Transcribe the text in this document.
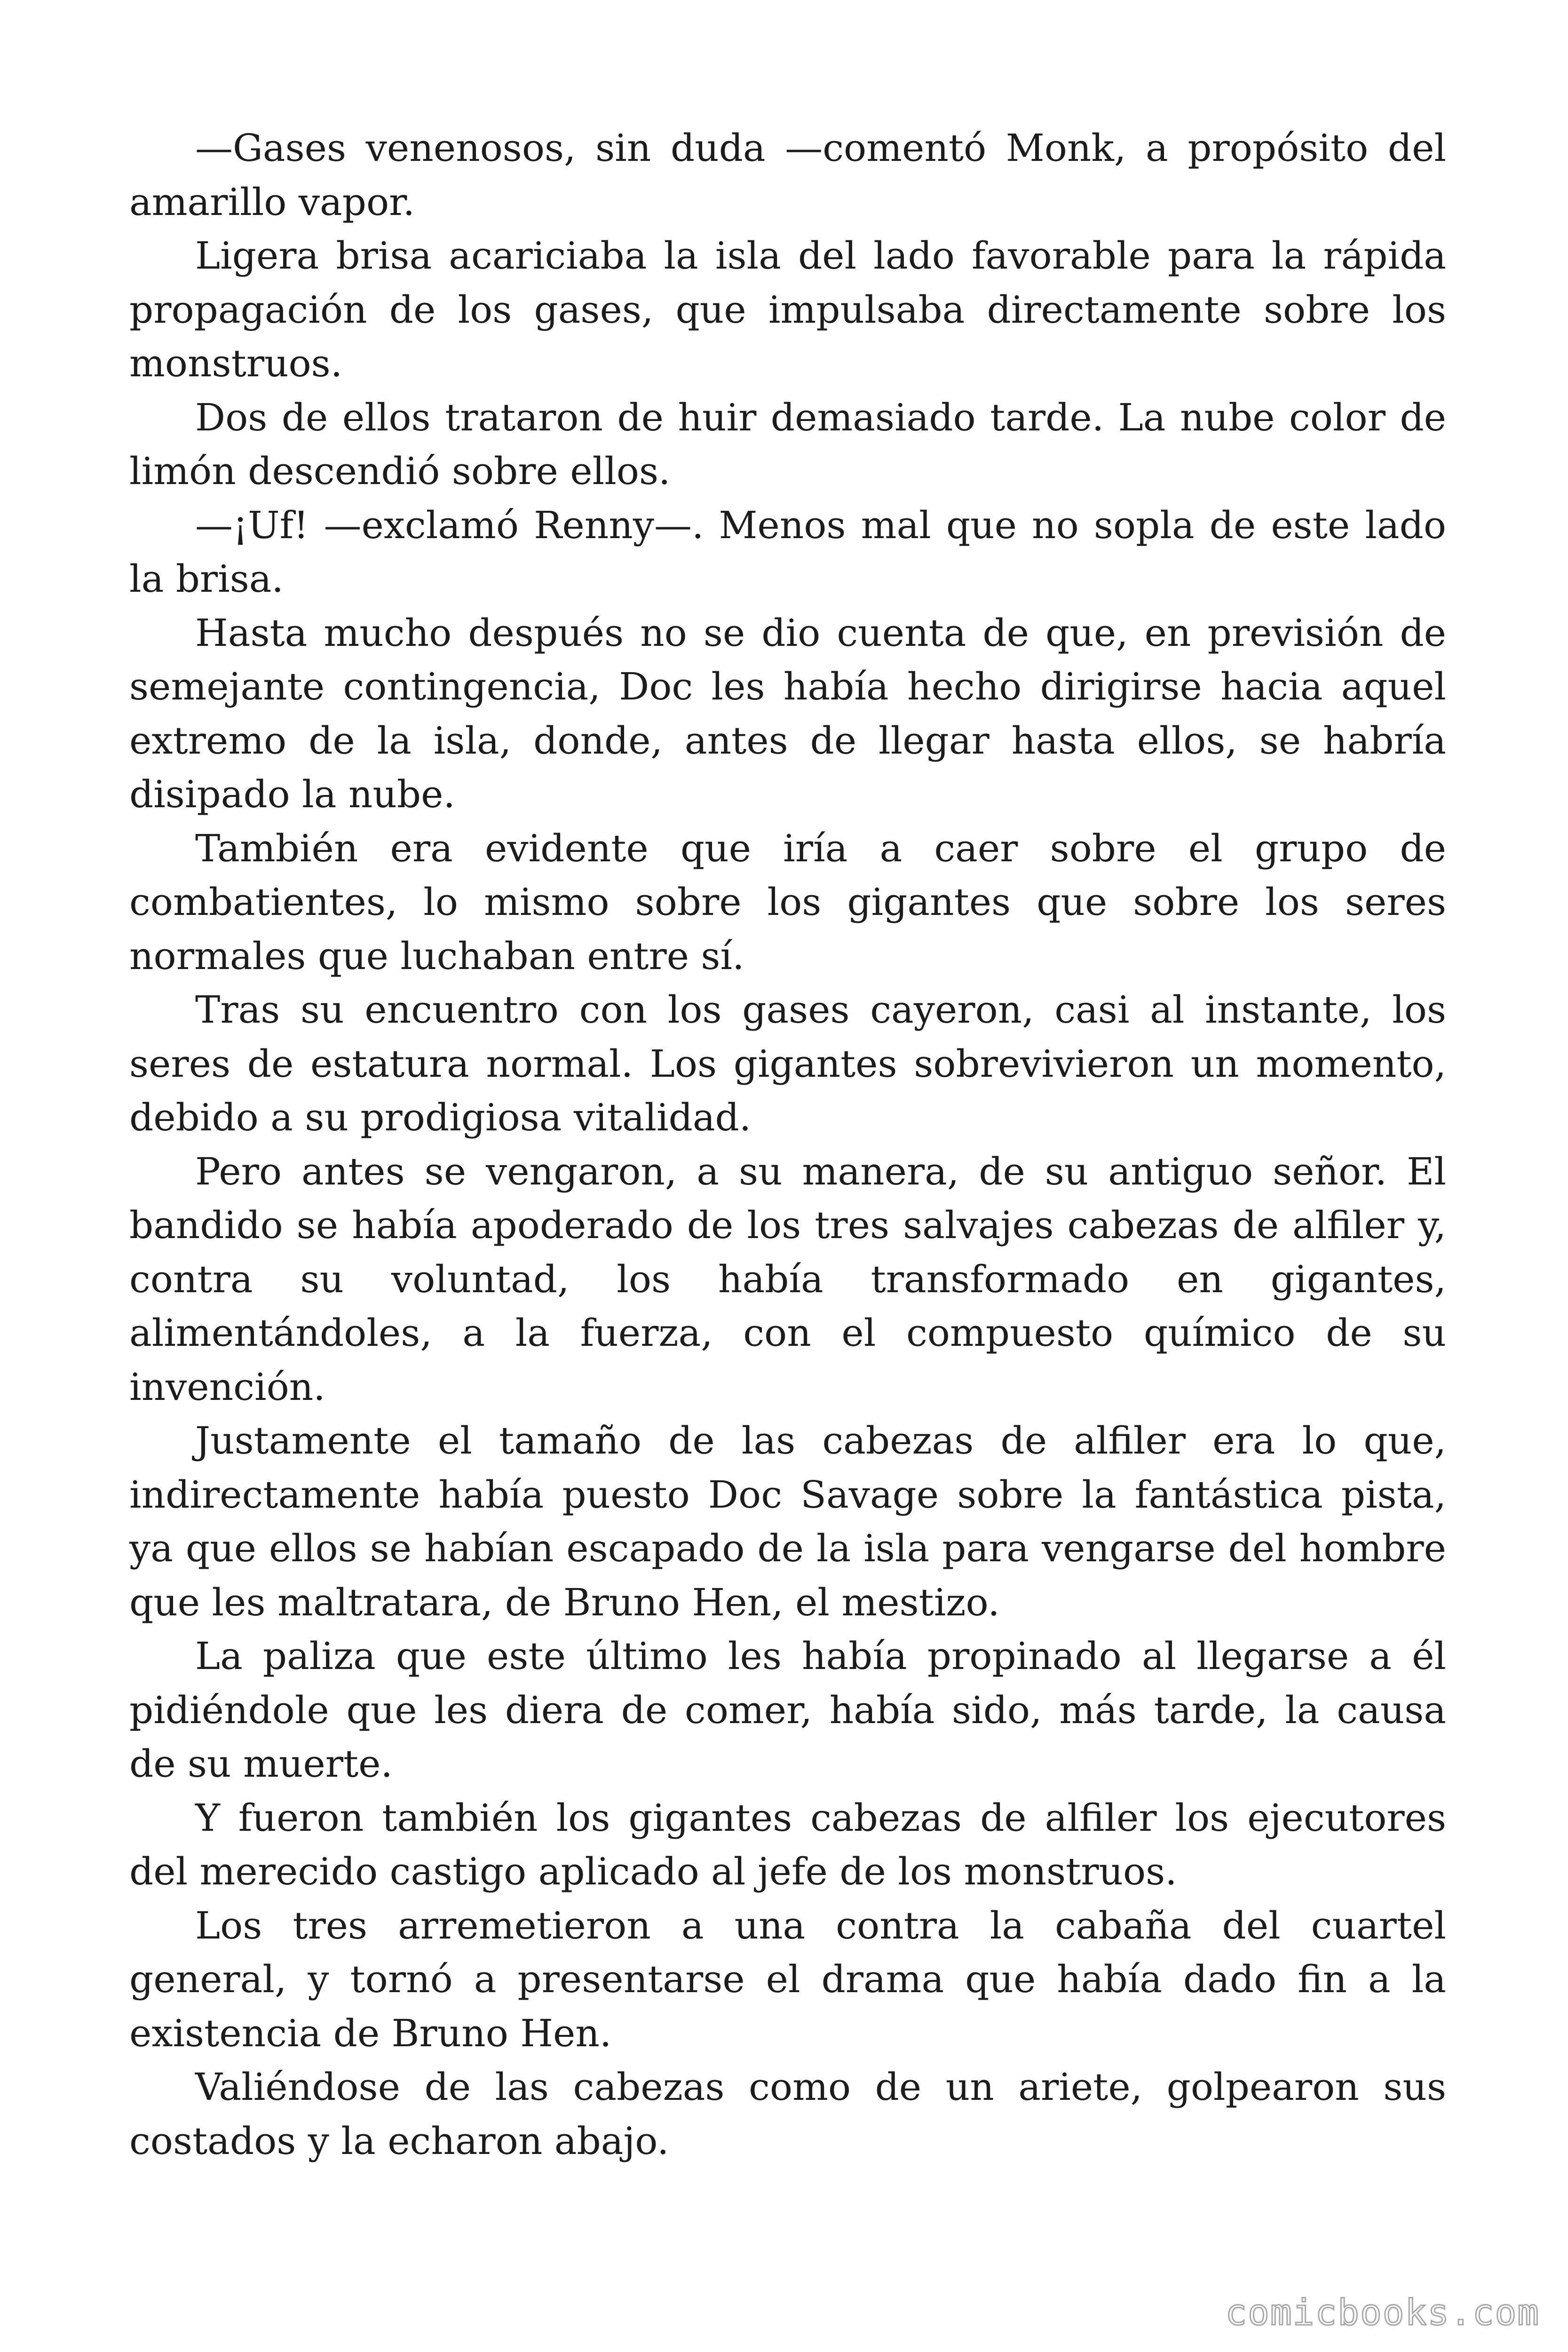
—Gases venenosos, sin duda —comentó Monk, a propósito del amarillo vapor.

Ligera brisa acariciaba la isla del lado favorable para la rápida propagación de los gases, que impulsaba directamente sobre los monstruos.

Dos de ellos trataron de huir demasiado tarde. La nube color de limón descendió sobre ellos.

—¡Uf! —exclamó Renny—. Menos mal que no sopla de este lado la brisa.

Hasta mucho después no se dio cuenta de que, en previsión de semejante contingencia, Doc les había hecho dirigirse hacia aquel extremo de la isla, donde, antes de llegar hasta ellos, se habría disipado la nube.

También era evidente que iría a caer sobre el grupo de combatientes, lo mismo sobre los gigantes que sobre los seres normales que luchaban entre sí.

Tras su encuentro con los gases cayeron, casi al instante, los seres de estatura normal. Los gigantes sobrevivieron un momento, debido a su prodigiosa vitalidad.

Pero antes se vengaron, a su manera, de su antiguo señor. El bandido se había apoderado de los tres salvajes cabezas de alfiler y, contra su voluntad, los había transformado en gigantes, alimentándoles, a la fuerza, con el compuesto químico de su invención.

Justamente el tamaño de las cabezas de alfiler era lo que, indirectamente había puesto Doc Savage sobre la fantástica pista, ya que ellos se habían escapado de la isla para vengarse del hombre que les maltratara, de Bruno Hen, el mestizo.

La paliza que este último les había propinado al llegarse a él pidiéndole que les diera de comer, había sido, más tarde, la causa de su muerte.

Y fueron también los gigantes cabezas de alfiler los ejecutores del merecido castigo aplicado al jefe de los monstruos.

Los tres arremetieron a una contra la cabaña del cuartel general, y tornó a presentarse el drama que había dado fin a la existencia de Bruno Hen.

Valiéndose de las cabezas como de un ariete, golpearon sus costados y la echaron abajo.

comicbooks.com
